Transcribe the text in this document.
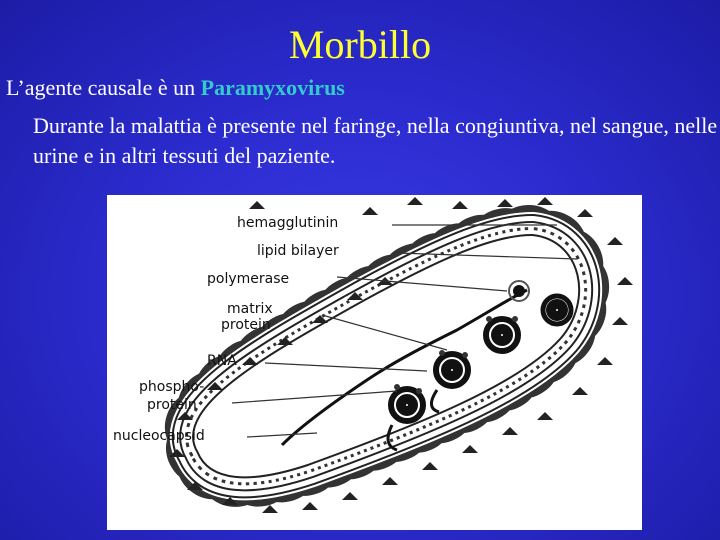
Morbillo
L’agente causale è un Paramyxovirus
Durante la malattia è presente nel faringe, nella congiuntiva, nel sangue, nelle urine e in altri tessuti del paziente.
hemagglutinin
lipid bilayer
polymerase
matrix
protein
RNA
phospho-
protein
nucleocapsid
